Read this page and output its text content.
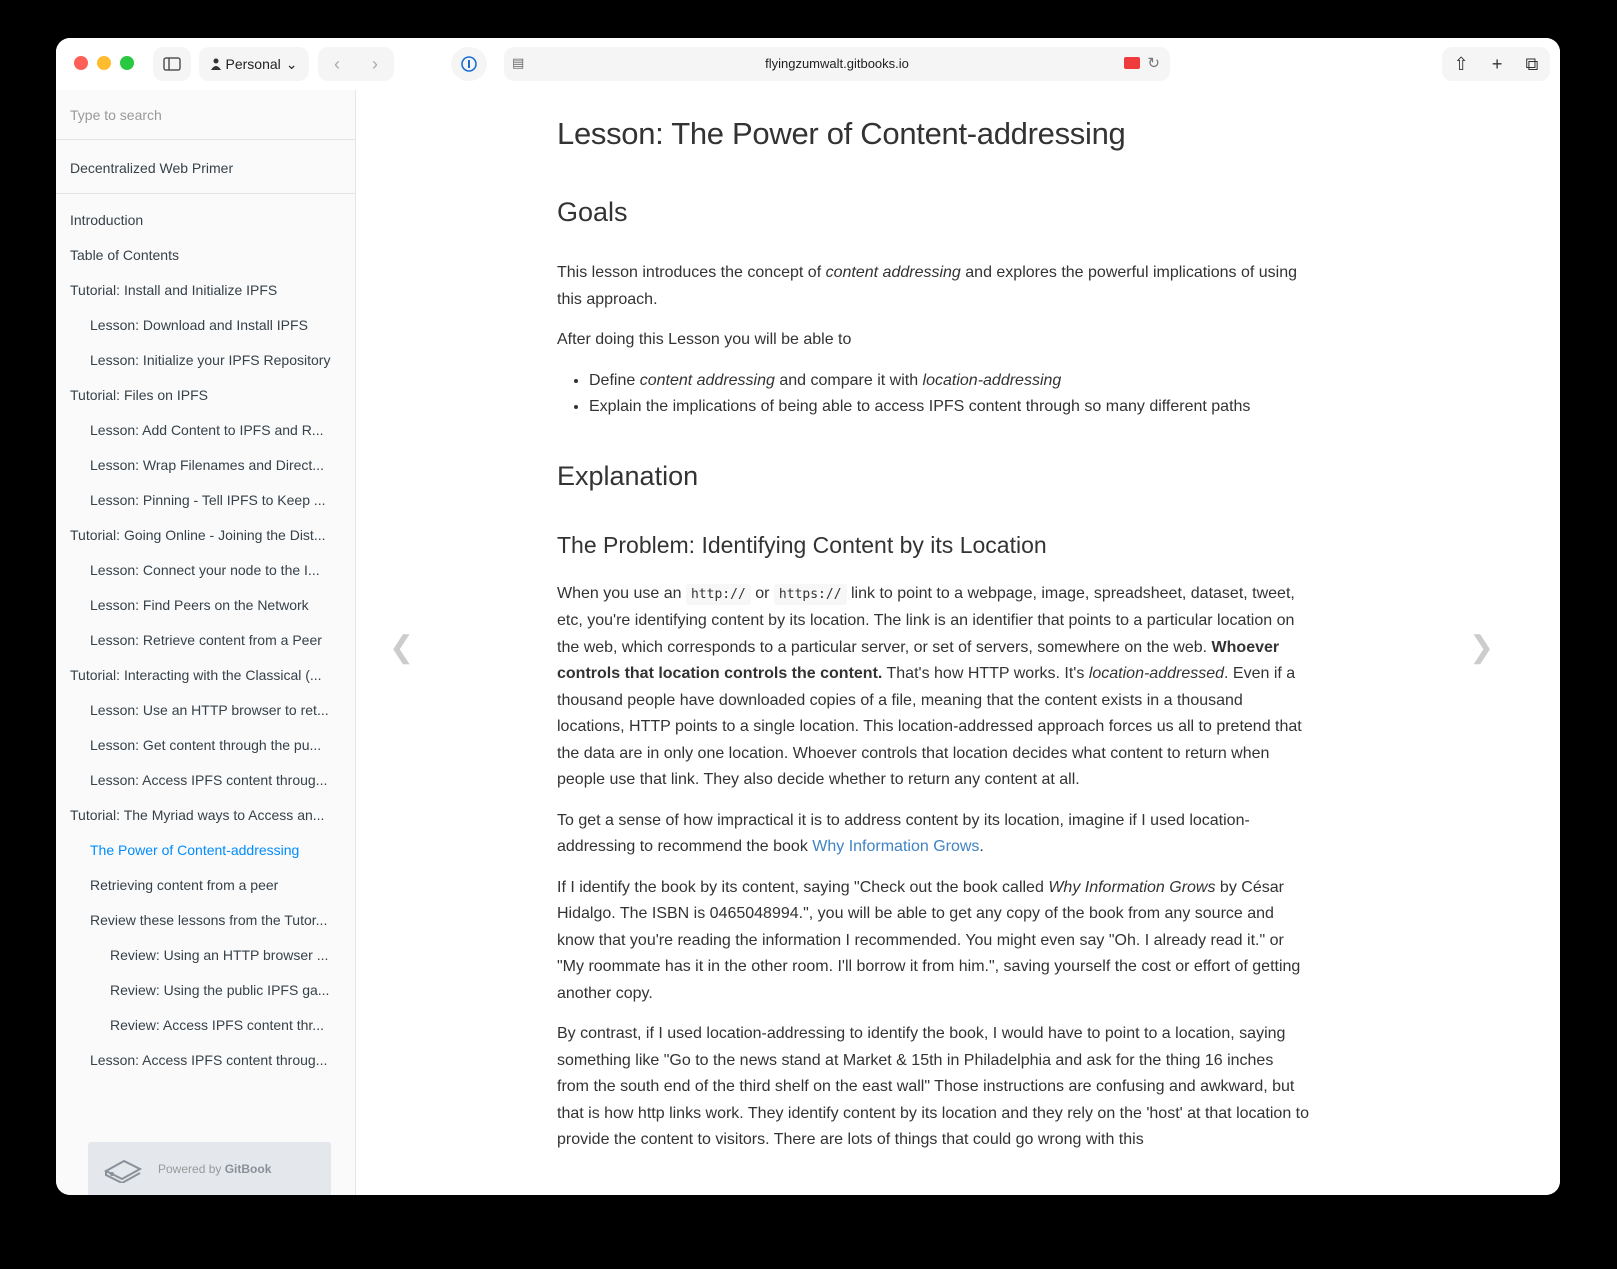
Personal ⌄	‹	›	▤	flyingzumwalt.gitbooks.io	↻	⇧ + ⧉
Type to search
Decentralized Web Primer
Introduction
Table of Contents
Tutorial: Install and Initialize IPFS
Lesson: Download and Install IPFS
Lesson: Initialize your IPFS Repository
Tutorial: Files on IPFS
Lesson: Add Content to IPFS and R...
Lesson: Wrap Filenames and Direct...
Lesson: Pinning - Tell IPFS to Keep ...
Tutorial: Going Online - Joining the Dist...
Lesson: Connect your node to the I...
Lesson: Find Peers on the Network
Lesson: Retrieve content from a Peer
Tutorial: Interacting with the Classical (...
Lesson: Use an HTTP browser to ret...
Lesson: Get content through the pu...
Lesson: Access IPFS content throug...
Tutorial: The Myriad ways to Access an...
The Power of Content-addressing
Retrieving content from a peer
Review these lessons from the Tutor...
Review: Using an HTTP browser ...
Review: Using the public IPFS ga...
Review: Access IPFS content thr...
Lesson: Access IPFS content throug...
Powered by GitBook
❮	❯
Lesson: The Power of Content-addressing
Goals

This lesson introduces the concept of content addressing and explores the powerful implications of using this approach.

After doing this Lesson you will be able to

• Define content addressing and compare it with location-addressing
• Explain the implications of being able to access IPFS content through so many different paths
Explanation
The Problem: Identifying Content by its Location

When you use an http:// or https:// link to point to a webpage, image, spreadsheet, dataset, tweet, etc, you're identifying content by its location. The link is an identifier that points to a particular location on the web, which corresponds to a particular server, or set of servers, somewhere on the web. Whoever controls that location controls the content. That's how HTTP works. It's location-addressed. Even if a thousand people have downloaded copies of a file, meaning that the content exists in a thousand locations, HTTP points to a single location. This location-addressed approach forces us all to pretend that the data are in only one location. Whoever controls that location decides what content to return when people use that link. They also decide whether to return any content at all.

To get a sense of how impractical it is to address content by its location, imagine if I used location-addressing to recommend the book Why Information Grows.

If I identify the book by its content, saying "Check out the book called Why Information Grows by César Hidalgo. The ISBN is 0465048994.", you will be able to get any copy of the book from any source and know that you're reading the information I recommended. You might even say "Oh. I already read it." or "My roommate has it in the other room. I'll borrow it from him.", saving yourself the cost or effort of getting another copy.

By contrast, if I used location-addressing to identify the book, I would have to point to a location, saying something like "Go to the news stand at Market & 15th in Philadelphia and ask for the thing 16 inches from the south end of the third shelf on the east wall" Those instructions are confusing and awkward, but that is how http links work. They identify content by its location and they rely on the 'host' at that location to provide the content to visitors. There are lots of things that could go wrong with this
